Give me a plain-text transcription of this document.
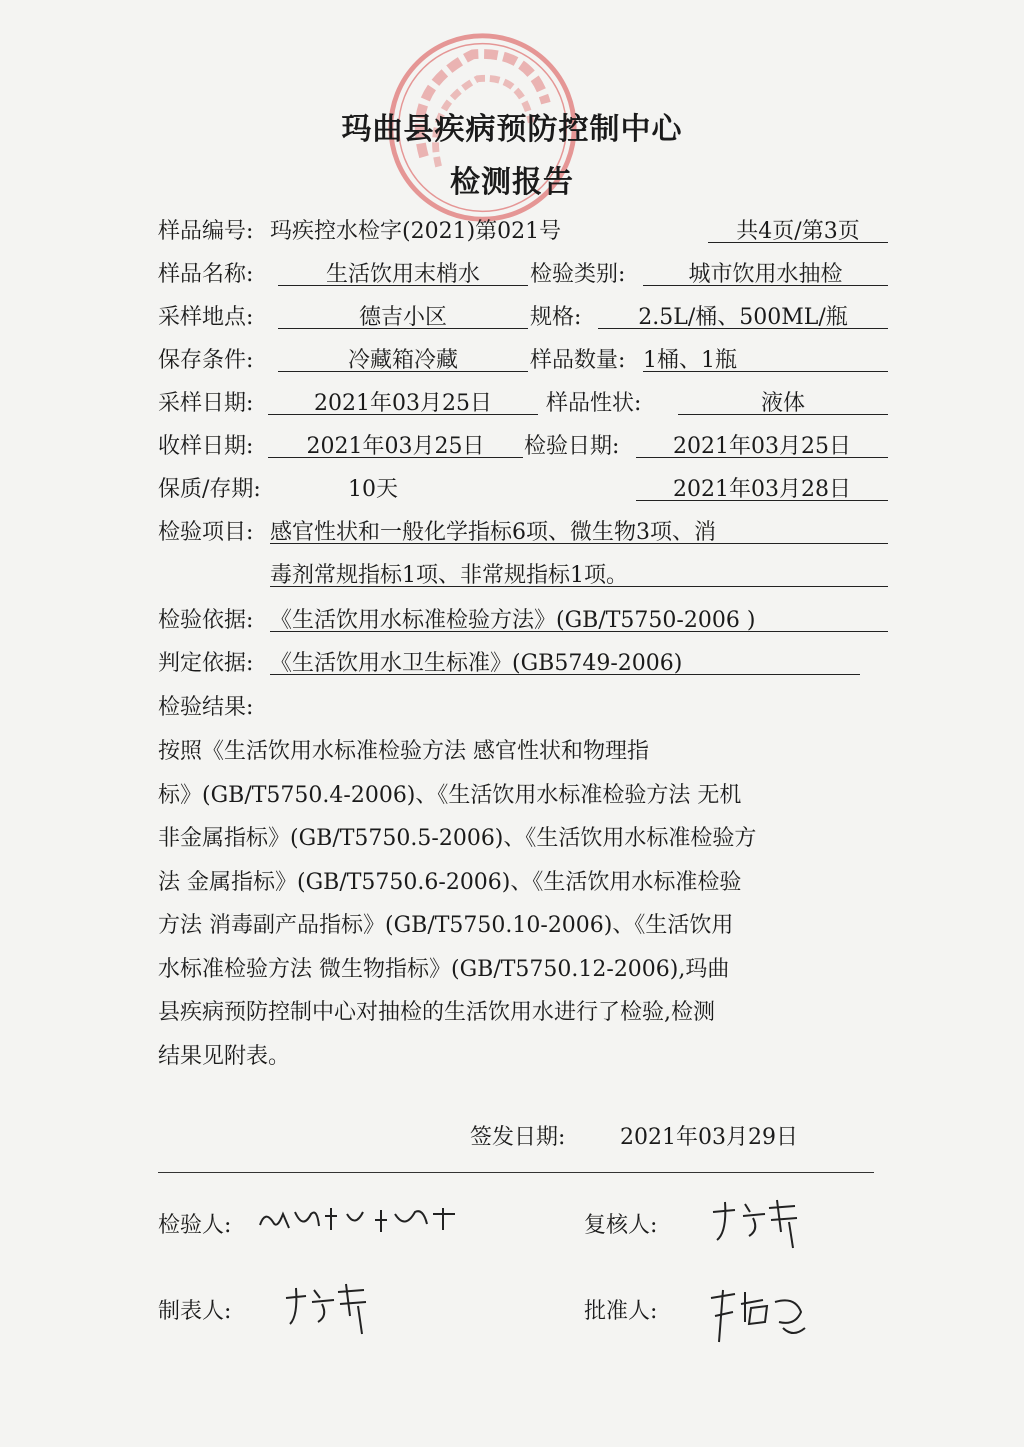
玛曲县疾病预防控制中心
检测报告
样品编号: 玛疾控水检字(2021)第021号	共4页/第3页
样品名称:	生活饮用末梢水	检验类别:	城市饮用水抽检
采样地点:	德吉小区	规格:	2.5L/桶、500ML/瓶
保存条件:	冷藏箱冷藏	样品数量: 1桶、1瓶
采样日期:	2021年03月25日	样品性状:	液体
收样日期:	2021年03月25日	检验日期:	2021年03月25日
保质/存期:	10天	2021年03月28日
检验项目: 感官性状和一般化学指标6项、微生物3项、消
毒剂常规指标1项、非常规指标1项。
检验依据: 《生活饮用水标准检验方法》(GB/T5750-2006 )
判定依据: 《生活饮用水卫生标准》(GB5749-2006)
检验结果:
按照《生活饮用水标准检验方法 感官性状和物理指
标》(GB/T5750.4-2006)、《生活饮用水标准检验方法 无机
非金属指标》(GB/T5750.5-2006)、《生活饮用水标准检验方
法 金属指标》(GB/T5750.6-2006)、《生活饮用水标准检验
方法 消毒副产品指标》(GB/T5750.10-2006)、《生活饮用
水标准检验方法 微生物指标》(GB/T5750.12-2006),玛曲
县疾病预防控制中心对抽检的生活饮用水进行了检验,检测
结果见附表。
签发日期: 2021年03月29日
检验人:	复核人:
制表人:	批准人:
